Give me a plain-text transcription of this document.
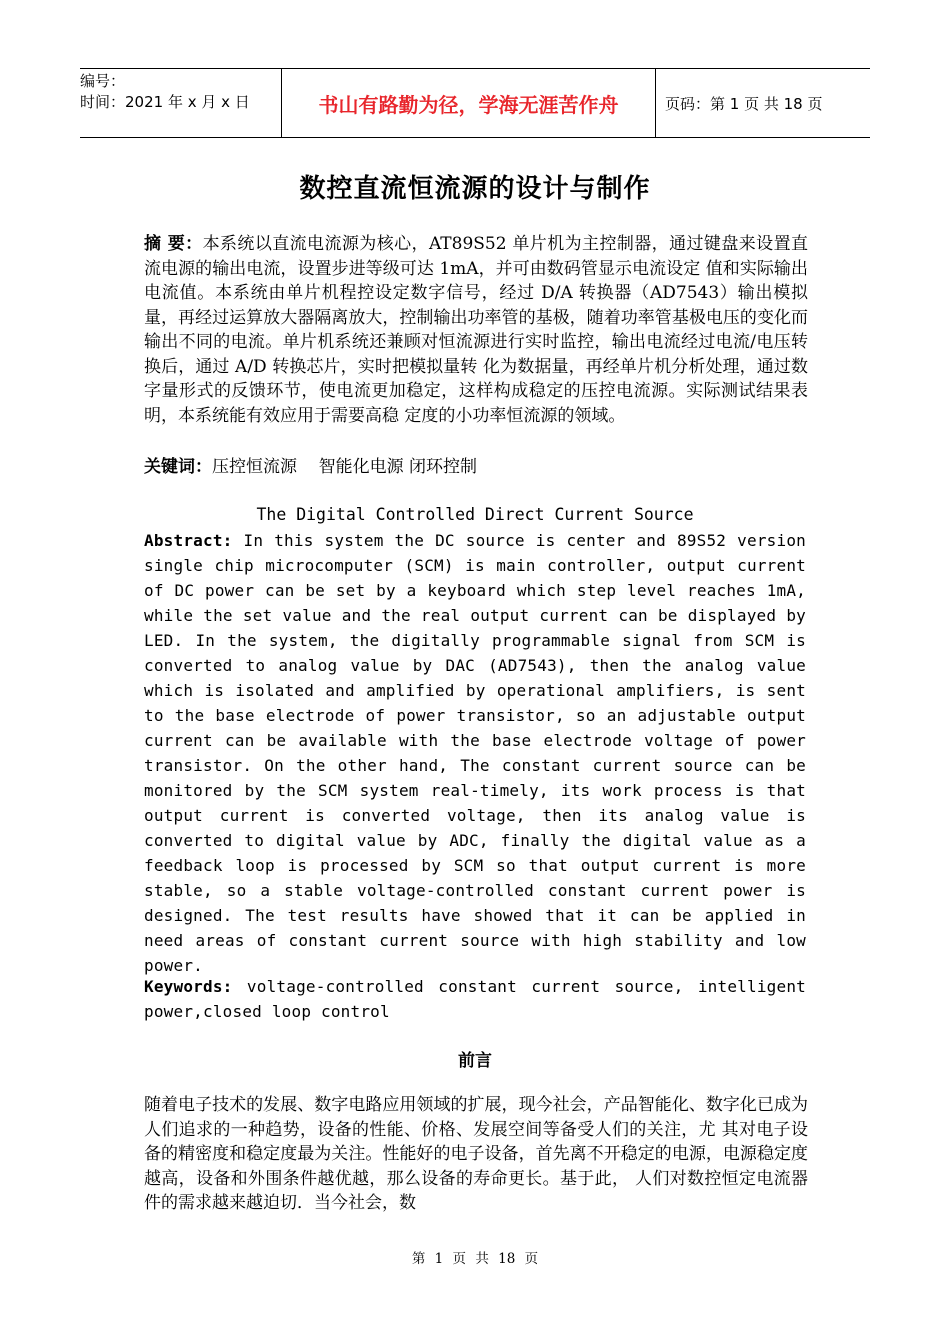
编号：
时间：2021 年 x 月 x 日	书山有路勤为径，学海无涯苦作舟	页码：第 1 页 共 18 页
数控直流恒流源的设计与制作
摘 要：本系统以直流电流源为核心，AT89S52 单片机为主控制器，通过键盘来设置直流电源的输出电流，设置步进等级可达 1mA，并可由数码管显示电流设定 值和实际输出电流值。本系统由单片机程控设定数字信号，经过 D/A 转换器（AD7543）输出模拟量，再经过运算放大器隔离放大，控制输出功率管的基极，随着功率管基极电压的变化而输出不同的电流。单片机系统还兼顾对恒流源进行实时监控，输出电流经过电流/电压转换后，通过 A/D 转换芯片，实时把模拟量转 化为数据量，再经单片机分析处理，通过数字量形式的反馈环节，使电流更加稳定，这样构成稳定的压控电流源。实际测试结果表明，本系统能有效应用于需要高稳 定度的小功率恒流源的领域。
关键词：压控恒流源    智能化电源 闭环控制
The Digital Controlled Direct Current Source
Abstract: In this system the DC source is center and 89S52 version single chip microcomputer (SCM) is main controller, output current of DC power can be set by a keyboard which step level reaches 1mA, while the set value and the real output current can be displayed by LED. In the system, the digitally programmable signal from SCM is converted to analog value by DAC (AD7543), then the analog value which is isolated and amplified by operational amplifiers, is sent to the base electrode of power transistor, so an adjustable output current can be available with the base electrode voltage of power transistor. On the other hand, The constant current source can be monitored by the SCM system real-timely, its work process is that output current is converted voltage, then its analog value is converted to digital value by ADC, finally the digital value as a feedback loop is processed by SCM so that output current is more stable, so a stable voltage-controlled constant current power is designed. The test results have showed that it can be applied in need areas of constant current source with high stability and low power.
Keywords: voltage-controlled constant current source, intelligent power,closed loop control
前言
随着电子技术的发展、数字电路应用领域的扩展，现今社会，产品智能化、数字化已成为人们追求的一种趋势，设备的性能、价格、发展空间等备受人们的关注，尤 其对电子设备的精密度和稳定度最为关注。性能好的电子设备，首先离不开稳定的电源，电源稳定度越高，设备和外围条件越优越，那么设备的寿命更长。基于此， 人们对数控恒定电流器件的需求越来越迫切．当今社会，数
第 1 页 共 18 页
